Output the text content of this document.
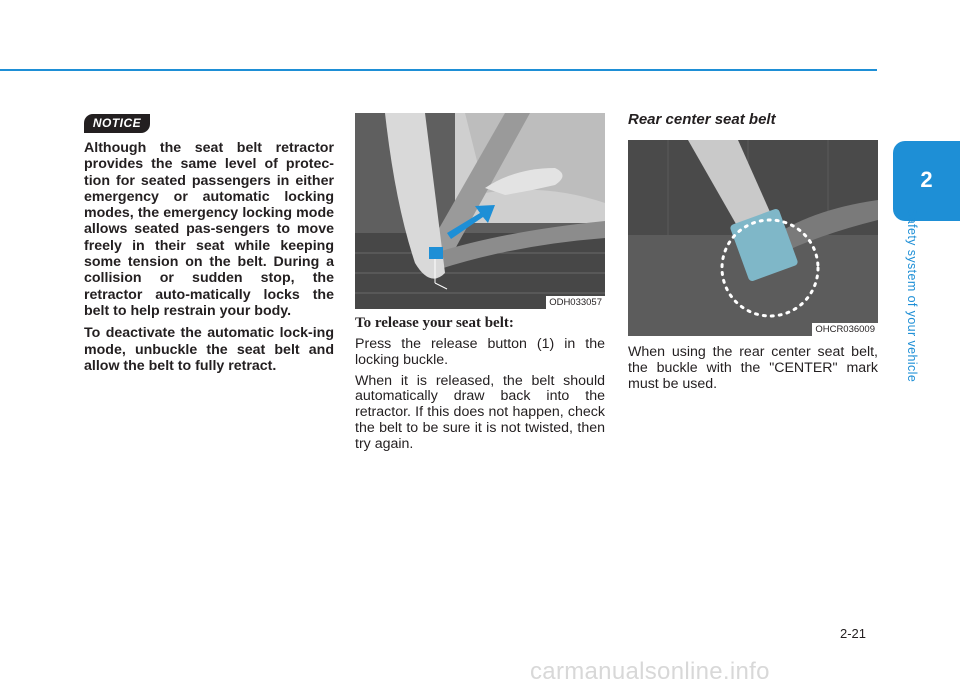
2
Safety system of your vehicle
NOTICE

Although the seat belt retractor provides the same level of protec-tion for seated passengers in either emergency or automatic locking modes, the emergency locking mode allows seated pas-sengers to move freely in their seat while keeping some tension on the belt. During a collision or sudden stop, the retractor auto-matically locks the belt to help restrain your body.

To deactivate the automatic lock-ing mode, unbuckle the seat belt and allow the belt to fully retract.

ODH033057
To release your seat belt:

Press the release button (1) in the locking buckle.

When it is released, the belt should automatically draw back into the retractor. If this does not happen, check the belt to be sure it is not twisted, then try again.

Rear center seat belt
OHCR036009

When using the rear center seat belt, the buckle with the "CENTER" mark must be used.

2-21
carmanualsonline.info
